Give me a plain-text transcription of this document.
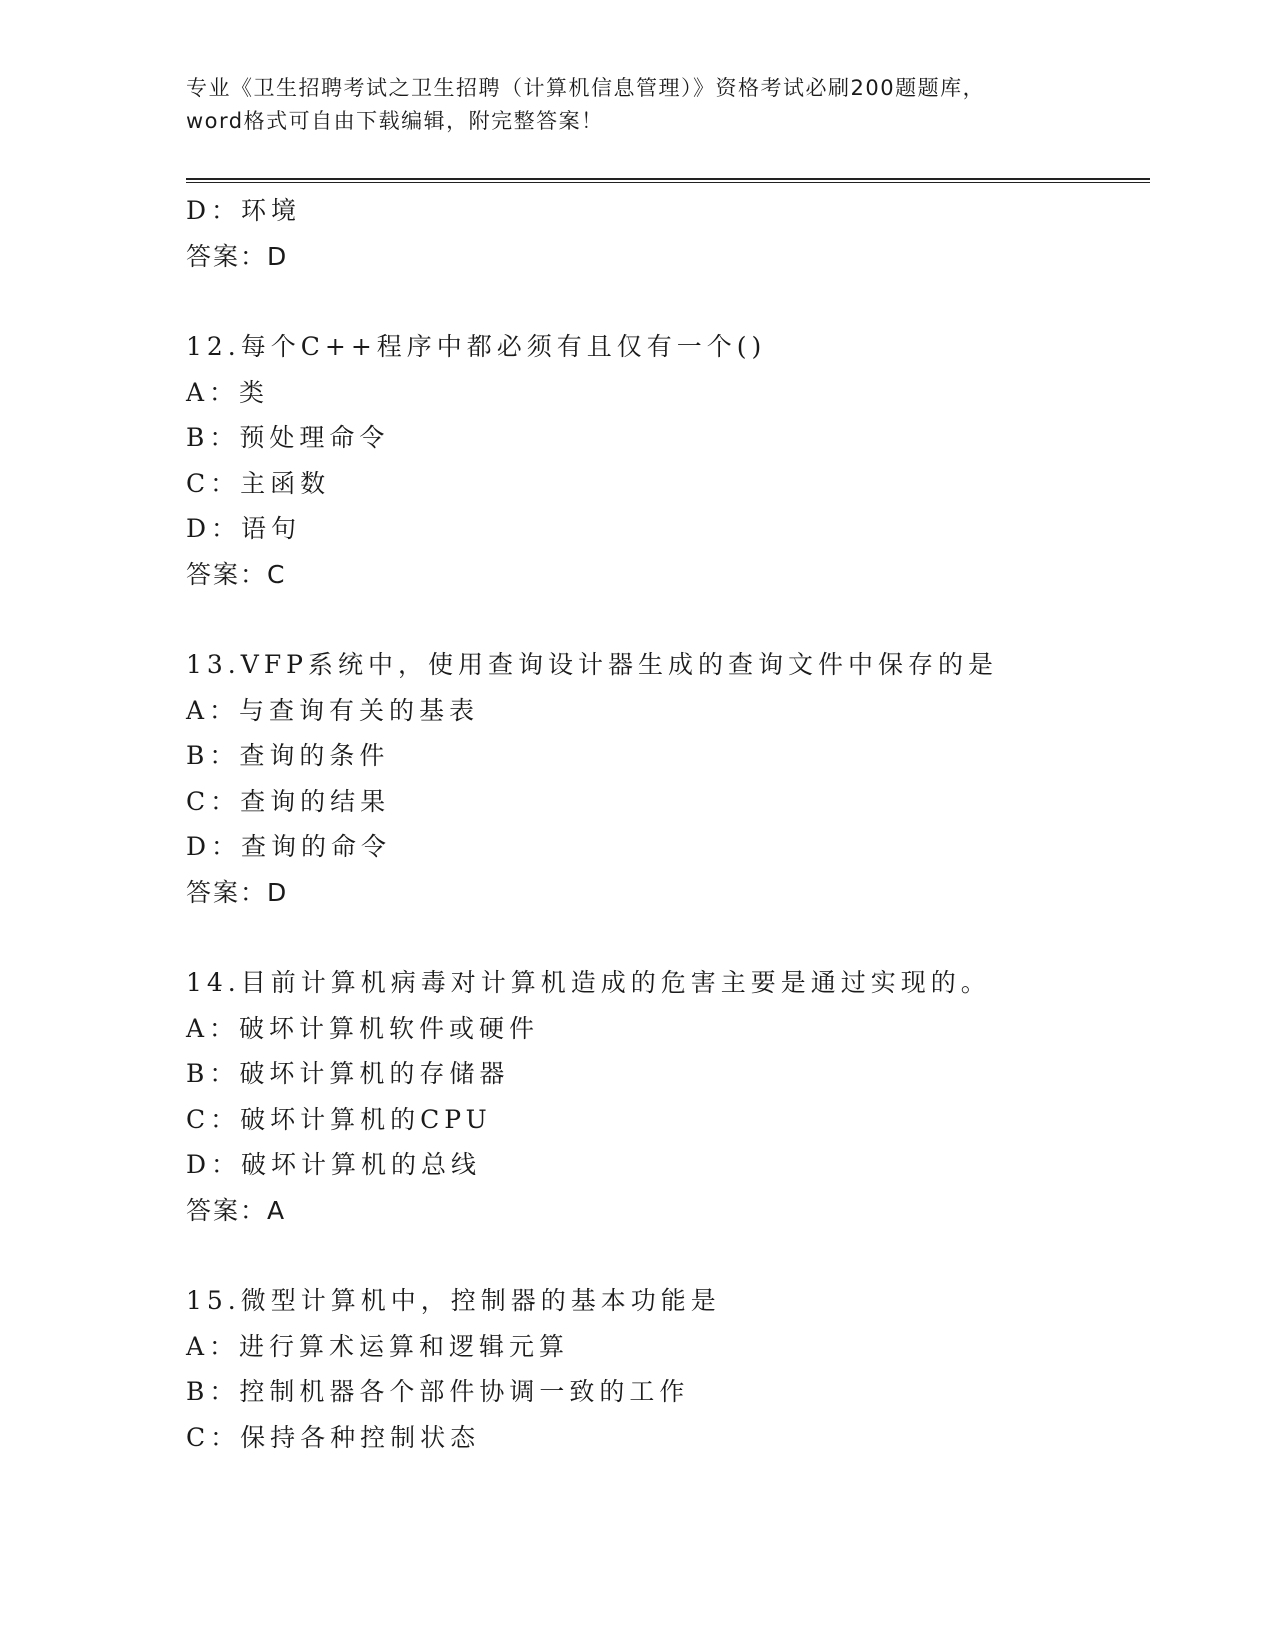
专业《卫生招聘考试之卫生招聘（计算机信息管理）》资格考试必刷200题题库，
word格式可自由下载编辑，附完整答案！
D：环境
答案：D
12.每个C++程序中都必须有且仅有一个()
A：类
B：预处理命令
C：主函数
D：语句
答案：C
13.VFP系统中，使用查询设计器生成的查询文件中保存的是
A：与查询有关的基表
B：查询的条件
C：查询的结果
D：查询的命令
答案：D
14.目前计算机病毒对计算机造成的危害主要是通过实现的。
A：破坏计算机软件或硬件
B：破坏计算机的存储器
C：破坏计算机的CPU
D：破坏计算机的总线
答案：A
15.微型计算机中，控制器的基本功能是
A：进行算术运算和逻辑元算
B：控制机器各个部件协调一致的工作
C：保持各种控制状态
